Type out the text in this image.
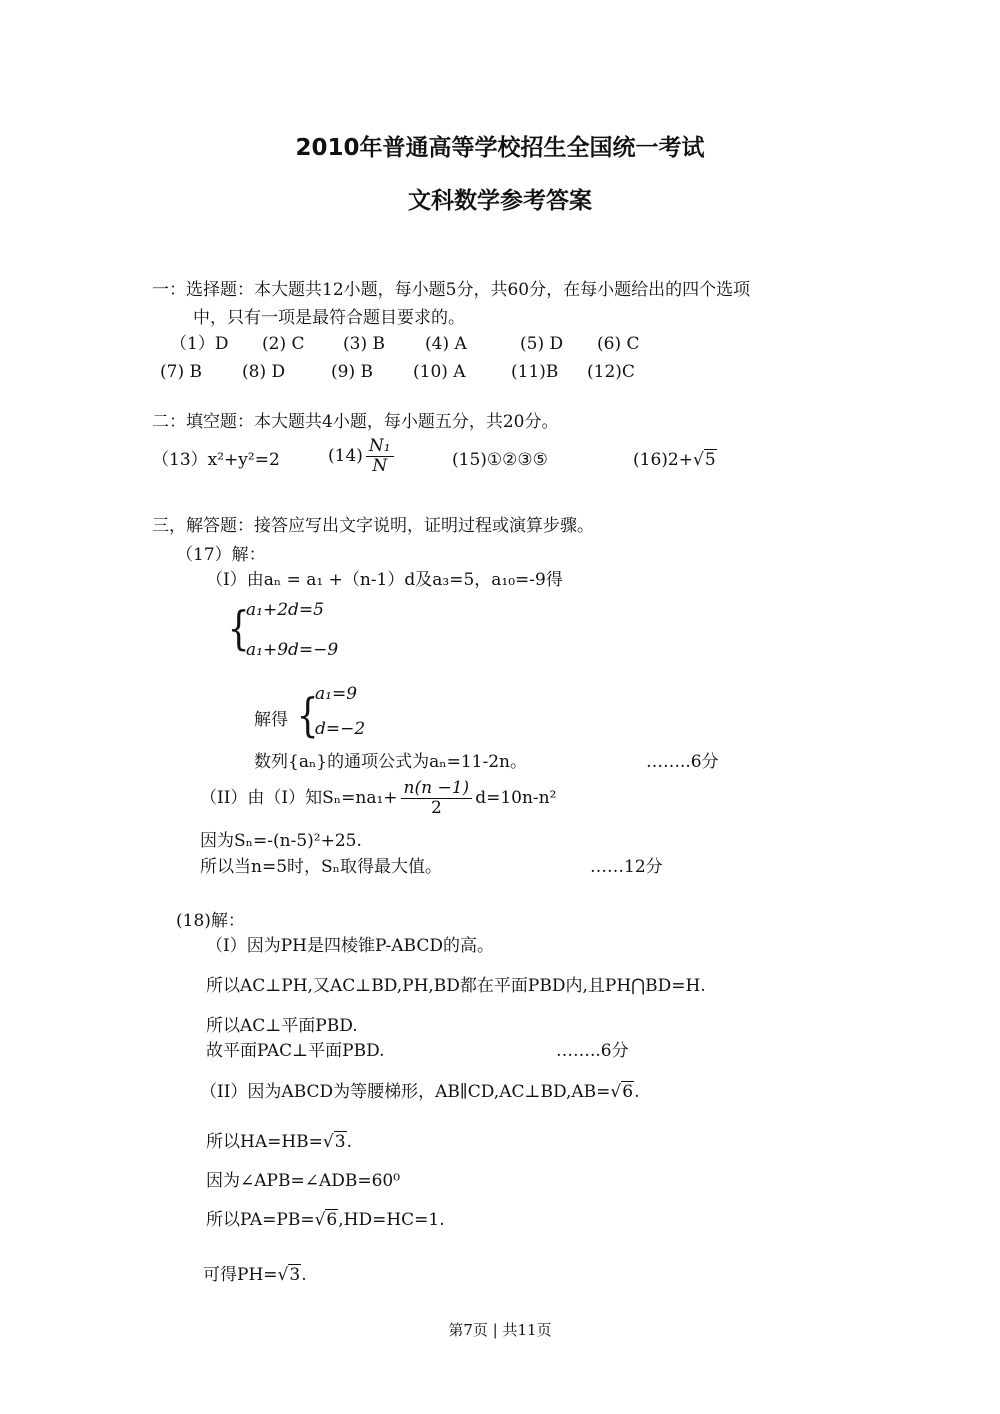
2010年普通高等学校招生全国统一考试
文科数学参考答案
一：选择题：本大题共12小题，每小题5分，共60分，在每小题给出的四个选项
中，只有一项是最符合题目要求的。
（1）D (2) C (3) B (4) A	(5) D (6) C
(7) B (8) D	(9) B (10) A	(11)B (12)C
二：填空题：本大题共4小题，每小题五分，共20分。
（13）x²+y²=2	$(14) \frac{\text{N₁}}{N}$	(15)①②③⑤	(16)2+√5
三，解答题：接答应写出文字说明，证明过程或演算步骤。
（17）解：
（I）由aₙ = a₁ +（n-1）d及a₃=5，a₁₀=-9得
{
a₁+2d=5
a₁+9d=−9
解得 {
a₁=9
d=−2
数列{aₙ}的通项公式为aₙ=11-2n。	……..6分
（II）由（I）知$S_n=na_1+ \frac{n(n -1)}{2} d=10n-n^2$
因为Sₙ=-(n-5)²+25.
所以当n=5时，Sₙ取得最大值。	……12分
(18)解：
（I）因为PH是四棱锥P-ABCD的高。
所以AC⊥PH,又AC⊥BD,PH,BD都在平面PBD内,且PH⋂BD=H.
所以AC⊥平面PBD.
故平面PAC⊥平面PBD.	……..6分
（II）因为ABCD为等腰梯形，AB∥CD,AC⊥BD,AB=√6.
所以HA=HB=√3.
因为∠APB=∠ADB=60⁰
所以PA=PB=√6,HD=HC=1.
可得PH=√3.
第7页 | 共11页
